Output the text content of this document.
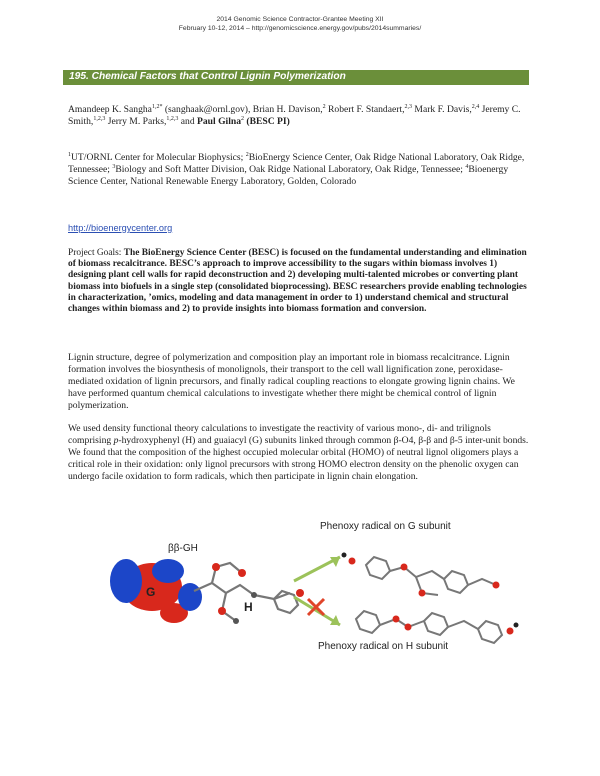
2014 Genomic Science Contractor-Grantee Meeting XII
February 10-12, 2014 – http://genomicscience.energy.gov/pubs/2014summaries/
195. Chemical Factors that Control Lignin Polymerization
Amandeep K. Sangha$^{1,2*}$ (sanghaak@ornl.gov), Brian H. Davison,$^2$ Robert F. Standaert,$^{2,3}$ Mark F. Davis,$^{2,4}$ Jeremy C. Smith,$^{1,2,3}$ Jerry M. Parks,$^{1,2,3}$ and Paul Gilna$^2$ (BESC PI)
$^1$UT/ORNL Center for Molecular Biophysics; $^2$BioEnergy Science Center, Oak Ridge National Laboratory, Oak Ridge, Tennessee; $^3$Biology and Soft Matter Division, Oak Ridge National Laboratory, Oak Ridge, Tennessee; $^4$Bioenergy Science Center, National Renewable Energy Laboratory, Golden, Colorado
http://bioenergycenter.org
Project Goals: The BioEnergy Science Center (BESC) is focused on the fundamental understanding and elimination of biomass recalcitrance. BESC’s approach to improve accessibility to the sugars within biomass involves 1) designing plant cell walls for rapid deconstruction and 2) developing multi-talented microbes or converting plant biomass into biofuels in a single step (consolidated bioprocessing). BESC researchers provide enabling technologies in characterization, ’omics, modeling and data management in order to 1) understand chemical and structural changes within biomass and 2) to provide insights into biomass formation and conversion.
Lignin structure, degree of polymerization and composition play an important role in biomass recalcitrance. Lignin formation involves the biosynthesis of monolignols, their transport to the cell wall lignification zone, peroxidase-mediated oxidation of lignin precursors, and finally radical coupling reactions to elongate growing lignin chains. We have performed quantum chemical calculations to investigate whether there might be chemical control of lignin polymerization.
We used density functional theory calculations to investigate the reactivity of various mono-, di- and trilignols comprising p-hydroxyphenyl (H) and guaiacyl (G) subunits linked through common β-O4, β-β and β-5 inter-unit bonds. We found that the composition of the highest occupied molecular orbital (HOMO) of neutral lignol oligomers plays a critical role in their oxidation: only lignol precursors with strong HOMO electron density on the phenolic oxygen can undergo facile oxidation to form radicals, which then participate in lignin chain elongation.
ββ-GH
G
H
Phenoxy radical on G subunit
Phenoxy radical on H subunit
